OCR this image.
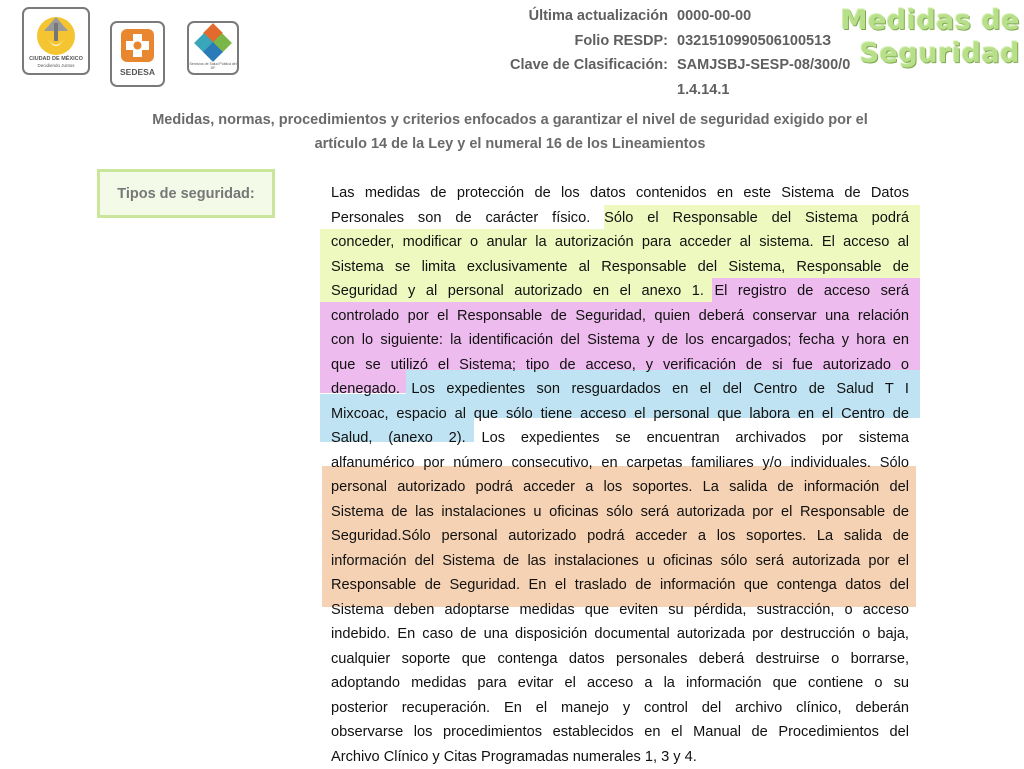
CIUDAD DE MÉXICO
Decidiendo Juntos
SEDESA
Servicios de Salud Pública del DF
Última actualización 0000-00-00
Folio RESDP: 032151099050610051З
Clave de Clasificación: SAMJSBJ-SESP-08/300/0
1.4.14.1
Medidas de
Seguridad
Medidas, normas, procedimientos y criterios enfocados a garantizar el nivel de seguridad exigido por el
artículo 14 de la Ley y el numeral 16 de los Lineamientos
Tipos de seguridad:	Las medidas de protección de los datos contenidos en este Sistema de Datos
Personales son de carácter físico. Sólo el Responsable del Sistema podrá
conceder, modificar o anular la autorización para acceder al sistema. El acceso al
Sistema se limita exclusivamente al Responsable del Sistema, Responsable de
Seguridad y al personal autorizado en el anexo 1. El registro de acceso será
controlado por el Responsable de Seguridad, quien deberá conservar una relación
con lo siguiente: la identificación del Sistema y de los encargados; fecha y hora en
que se utilizó el Sistema; tipo de acceso, y verificación de si fue autorizado o
denegado. Los expedientes son resguardados en el del Centro de Salud T I
Mixcoac, espacio al que sólo tiene acceso el personal que labora en el Centro de
Salud, (anexo 2). Los expedientes se encuentran archivados por sistema
alfanumérico por número consecutivo, en carpetas familiares y/o individuales. Sólo
personal autorizado podrá acceder a los soportes. La salida de información del
Sistema de las instalaciones u oficinas sólo será autorizada por el Responsable de
Seguridad.Sólo personal autorizado podrá acceder a los soportes. La salida de
información del Sistema de las instalaciones u oficinas sólo será autorizada por el
Responsable de Seguridad. En el traslado de información que contenga datos del
Sistema deben adoptarse medidas que eviten su pérdida, sustracción, o acceso
indebido. En caso de una disposición documental autorizada por destrucción o baja,
cualquier soporte que contenga datos personales deberá destruirse o borrarse,
adoptando medidas para evitar el acceso a la información que contiene o su
posterior recuperación. En el manejo y control del archivo clínico, deberán
observarse los procedimientos establecidos en el Manual de Procedimientos del
Archivo Clínico y Citas Programadas numerales 1, 3 y 4.
